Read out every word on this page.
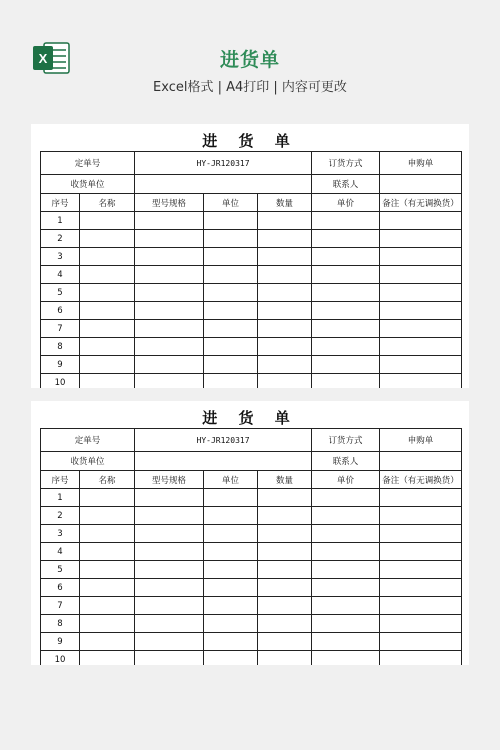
X	进货单
Excel格式 | A4打印 | 内容可更改
进 货 单
定单号		HY-JR120317			订货方式	申购单
收货单位					联系人	
序号	名称	型号规格	单位	数量	单价	备注（有无调换货）
1						
2						
3						
4						
5						
6						
7						
8						
9						
10						
进 货 单
定单号		HY-JR120317			订货方式	申购单
收货单位					联系人	
序号	名称	型号规格	单位	数量	单价	备注（有无调换货）
1						
2						
3						
4						
5						
6						
7						
8						
9						
10						
